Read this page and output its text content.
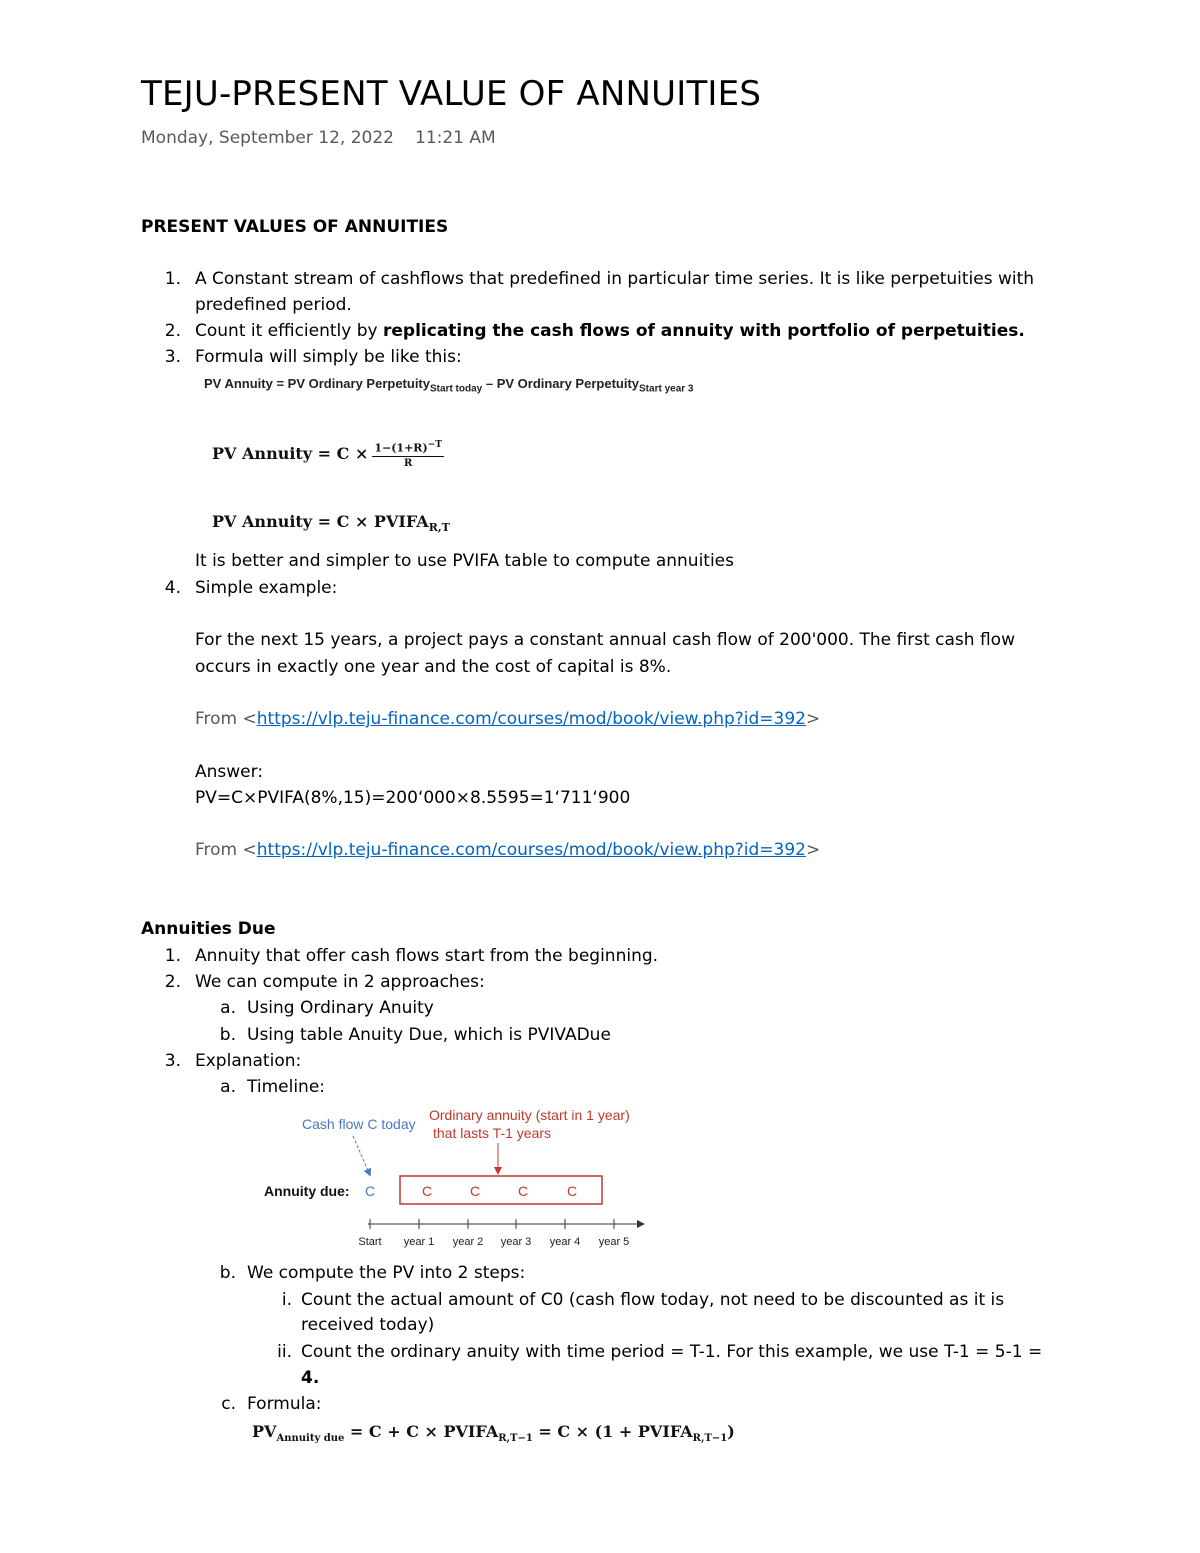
TEJU-PRESENT VALUE OF ANNUITIES
Monday, September 12, 2022 11:21 AM
PRESENT VALUES OF ANNUITIES
1. A Constant stream of cashflows that predefined in particular time series. It is like perpetuities with
predefined period.
2. Count it efficiently by replicating the cash flows of annuity with portfolio of perpetuities.
3. Formula will simply be like this:
PV Annuity = PV Ordinary Perpetuity$_{Start today}$ – PV Ordinary Perpetuity$_{Start year 3}$
PV Annuity = $C \times \frac{1-(1+R)^{-T}}{R}$
PV Annuity = $C \times PVIFA_{R,T}$
It is better and simpler to use PVIFA table to compute annuities
4. Simple example:
For the next 15 years, a project pays a constant annual cash flow of 200'000. The first cash flow
occurs in exactly one year and the cost of capital is 8%.
From <https://vlp.teju-finance.com/courses/mod/book/view.php?id=392>
Answer:
PV=C×PVIFA(8%,15)=200‘000×8.5595=1‘711‘900
From <https://vlp.teju-finance.com/courses/mod/book/view.php?id=392>
Annuities Due
1. Annuity that offer cash flows start from the beginning.
2. We can compute in 2 approaches:
a. Using Ordinary Anuity
b. Using table Anuity Due, which is PVIVADue
3. Explanation:
a. Timeline:
Cash flow C today
Ordinary annuity (start in 1 year)
that lasts T-1 years
Annuity due: C	C	C	C	C
Start year 1 year 2 year 3 year 4 year 5
b. We compute the PV into 2 steps:
i. Count the actual amount of C0 (cash flow today, not need to be discounted as it is
received today)
ii. Count the ordinary anuity with time period = T-1. For this example, we use T-1 = 5-1 =
4.
c. Formula:
$PV_{Annuity due} = C + C$ × $PVIFA_{R,T-1} = C \times (1$ + $PVIFA_{R,T-1}$)
